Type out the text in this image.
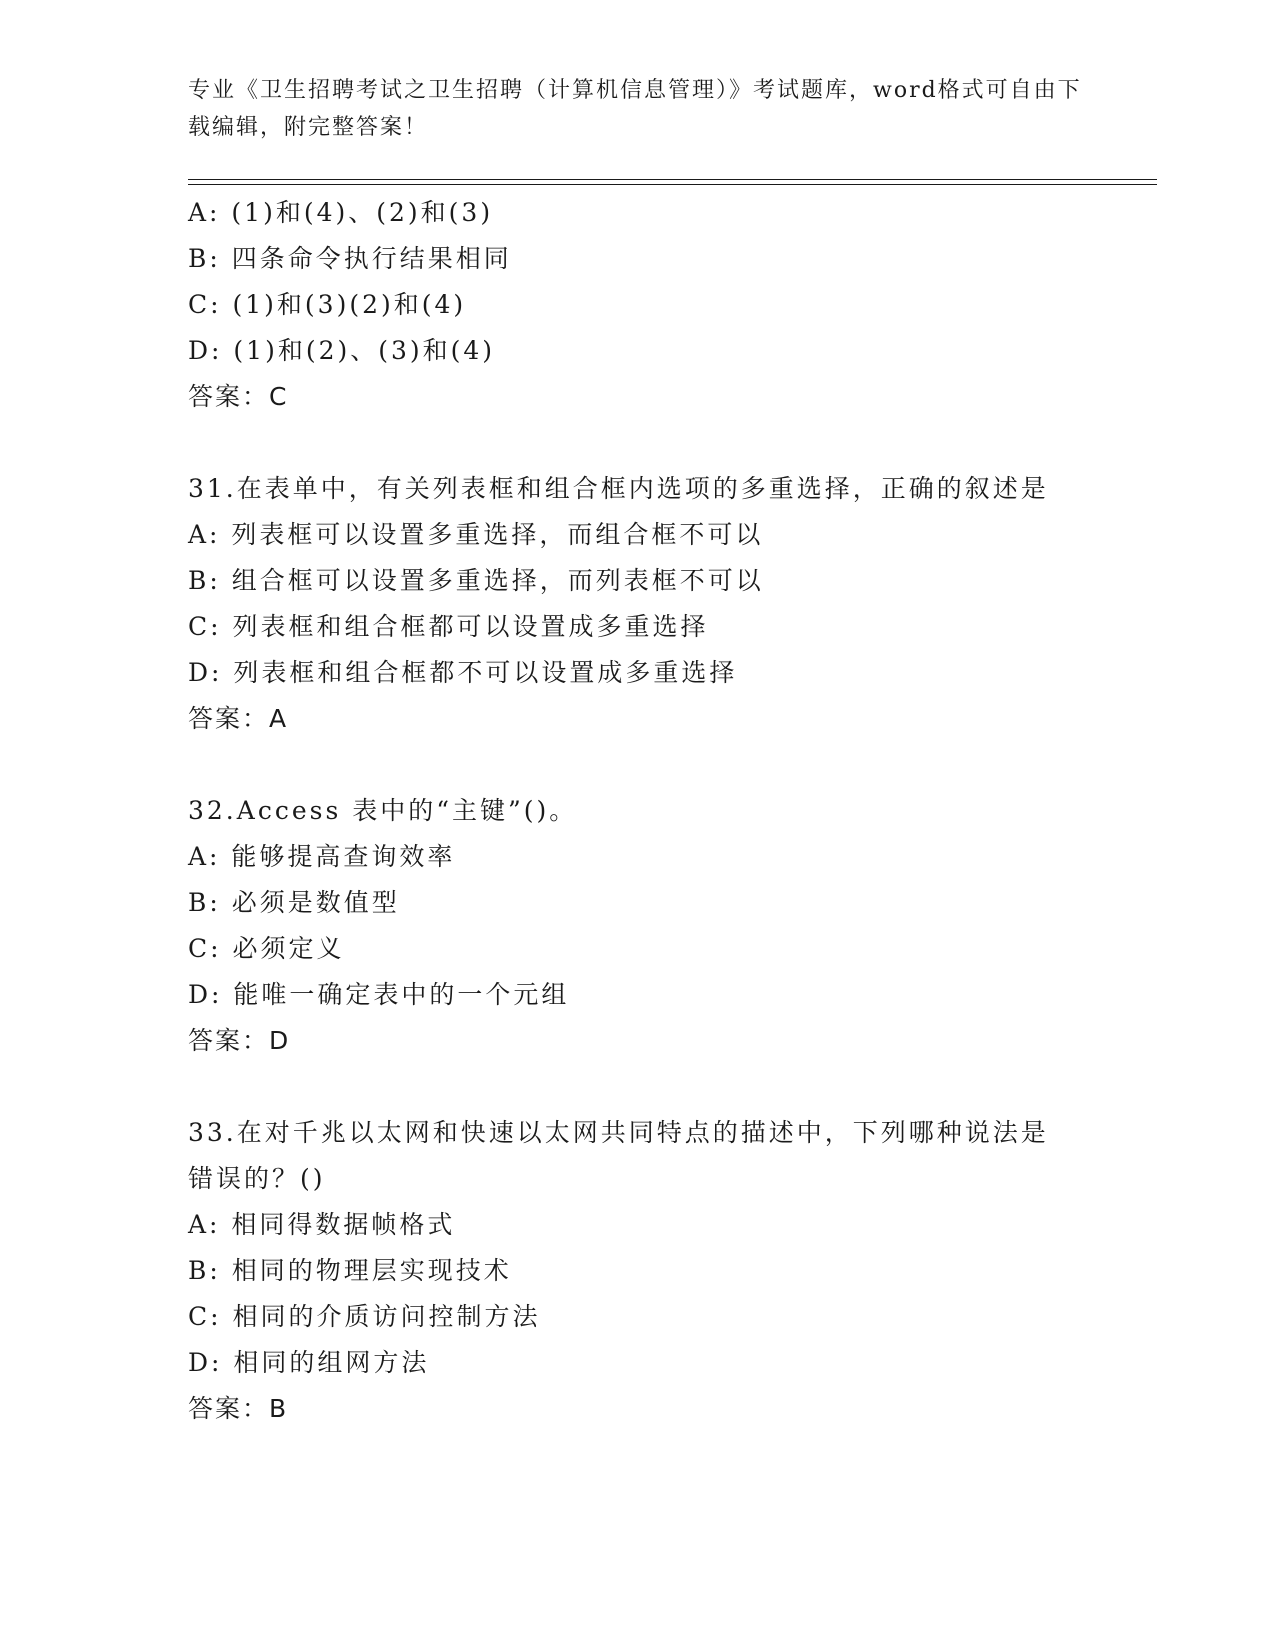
专业《卫生招聘考试之卫生招聘（计算机信息管理）》考试题库，word格式可自由下载编辑，附完整答案！
A: (1)和(4)、(2)和(3)
B: 四条命令执行结果相同
C: (1)和(3)(2)和(4)
D: (1)和(2)、(3)和(4)
答案：C
31.在表单中，有关列表框和组合框内选项的多重选择，正确的叙述是
A: 列表框可以设置多重选择，而组合框不可以
B: 组合框可以设置多重选择，而列表框不可以
C: 列表框和组合框都可以设置成多重选择
D: 列表框和组合框都不可以设置成多重选择
答案：A
32.Access 表中的“主键”()。
A: 能够提高查询效率
B: 必须是数值型
C: 必须定义
D: 能唯一确定表中的一个元组
答案：D
33.在对千兆以太网和快速以太网共同特点的描述中，下列哪种说法是
错误的？()
A: 相同得数据帧格式
B: 相同的物理层实现技术
C: 相同的介质访问控制方法
D: 相同的组网方法
答案：B
